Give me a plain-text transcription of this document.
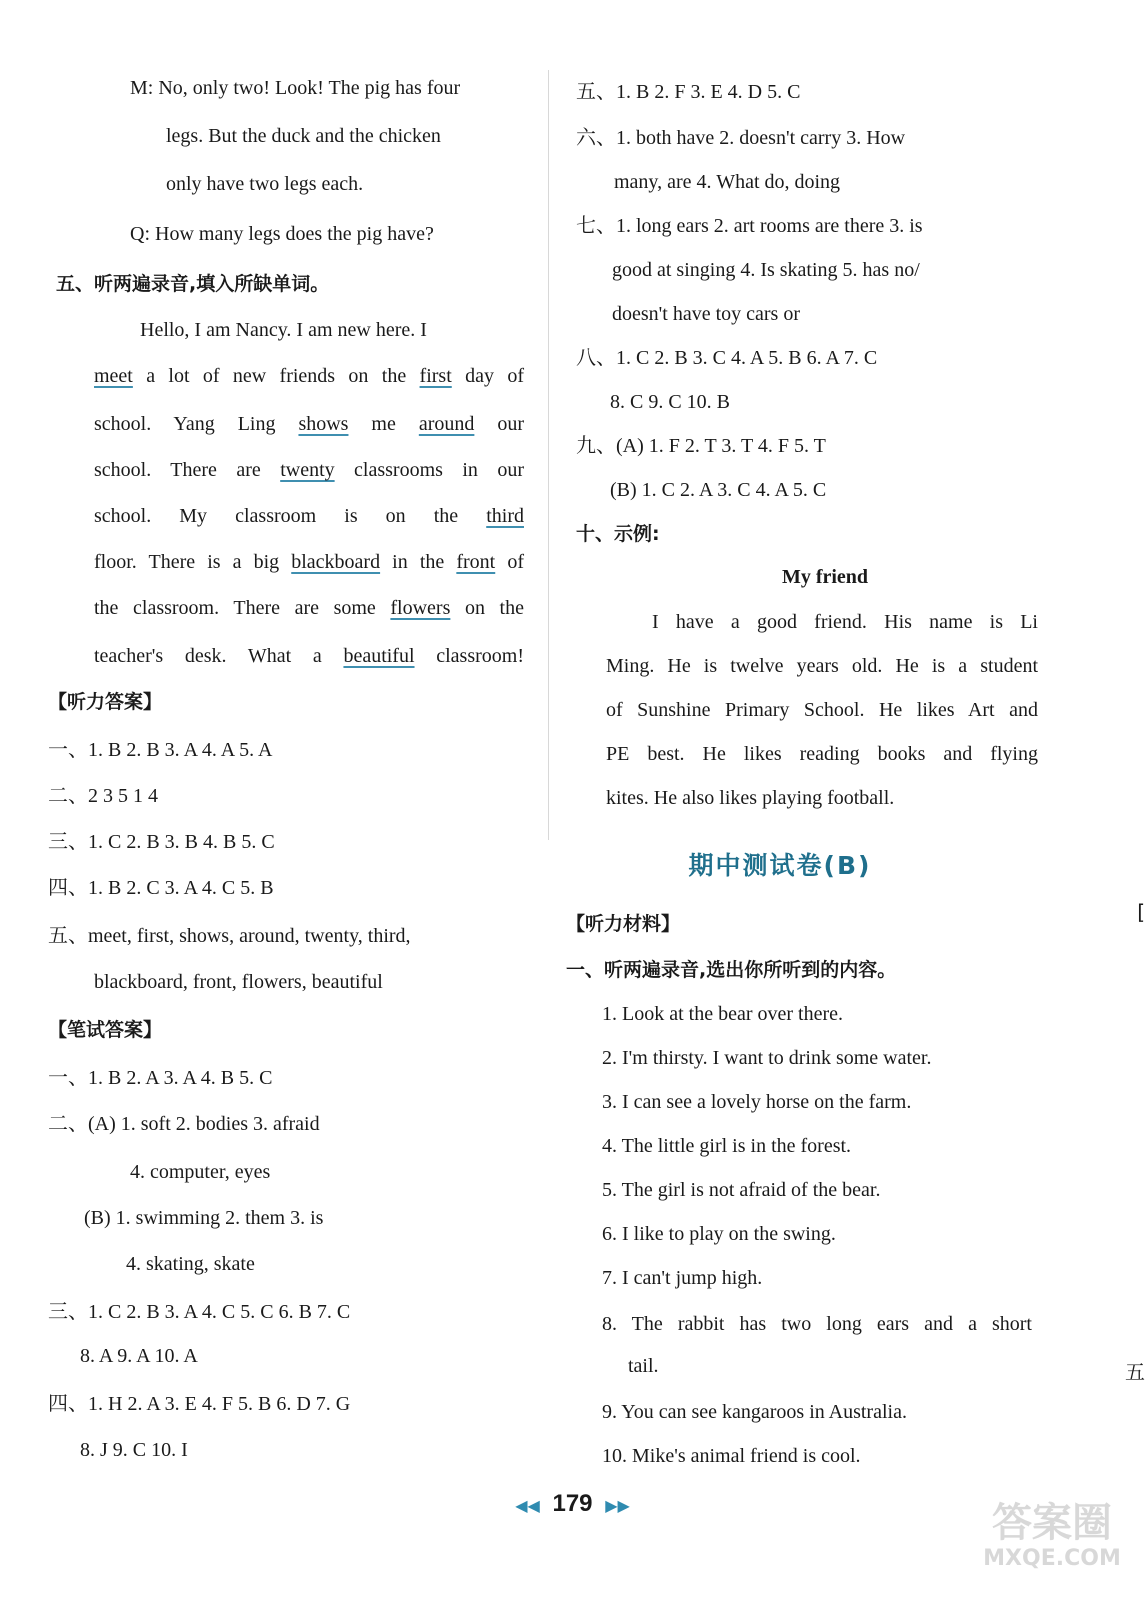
M: No, only two! Look! The pig has four
legs. But the duck and the chicken
only have two legs each.
Q: How many legs does the pig have?
五、听两遍录音,填入所缺单词。
Hello, I am Nancy. I am new here. I
meet a lot of new friends on the first day of
school. Yang Ling shows me around our
school. There are twenty classrooms in our
school. My classroom is on the third
floor. There is a big blackboard in the front of
the classroom. There are some flowers on the
teacher's desk. What a beautiful classroom!
【听力答案】
一、1. B 2. B 3. A 4. A 5. A
二、2 3 5 1 4
三、1. C 2. B 3. B 4. B 5. C
四、1. B 2. C 3. A 4. C 5. B
五、meet, first, shows, around, twenty, third,
blackboard, front, flowers, beautiful
【笔试答案】
一、1. B 2. A 3. A 4. B 5. C
二、(A) 1. soft 2. bodies 3. afraid
4. computer, eyes
(B) 1. swimming 2. them 3. is
4. skating, skate
三、1. C 2. B 3. A 4. C 5. C 6. B 7. C
8. A 9. A 10. A
四、1. H 2. A 3. E 4. F 5. B 6. D 7. G
8. J 9. C 10. I
五、1. B 2. F 3. E 4. D 5. C
六、1. both have 2. doesn't carry 3. How
many, are 4. What do, doing
七、1. long ears 2. art rooms are there 3. is
good at singing 4. Is skating 5. has no/
doesn't have toy cars or
八、1. C 2. B 3. C 4. A 5. B 6. A 7. C
8. C 9. C 10. B
九、(A) 1. F 2. T 3. T 4. F 5. T
(B) 1. C 2. A 3. C 4. A 5. C
十、示例:
My friend
I have a good friend. His name is Li
Ming. He is twelve years old. He is a student
of Sunshine Primary School. He likes Art and
PE best. He likes reading books and flying
kites. He also likes playing football.
期中测试卷(B)
【听力材料】
一、听两遍录音,选出你所听到的内容。
1. Look at the bear over there.
2. I'm thirsty. I want to drink some water.
3. I can see a lovely horse on the farm.
4. The little girl is in the forest.
5. The girl is not afraid of the bear.
6. I like to play on the swing.
7. I can't jump high.
8. The rabbit has two long ears and a short
tail.
9. You can see kangaroos in Australia.
10. Mike's animal friend is cool.
[
五
◀◀ 179 ▶▶	答案圈
MXQE.COM
